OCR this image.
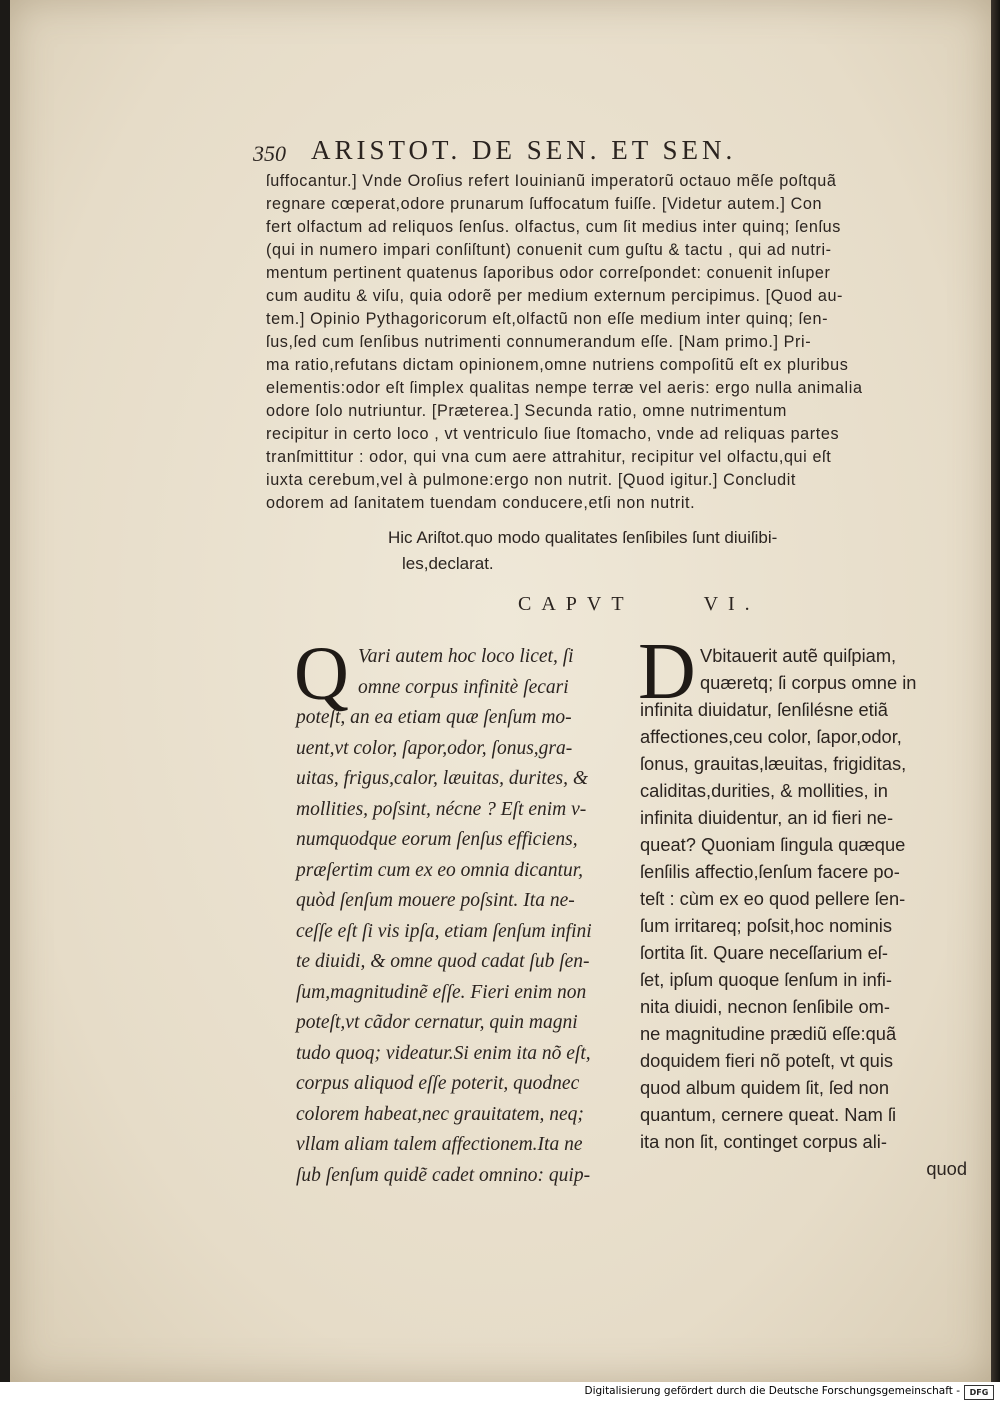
350 ARISTOT. DE SEN. ET SEN.
ſuffocantur.] Vnde Oroſius refert Iouinianũ imperatorũ octauo mẽſe poſtquã
regnare cœperat,odore prunarum ſuffocatum fuiſſe. [Videtur autem.] Con
fert olfactum ad reliquos ſenſus. olfactus, cum ſit medius inter quinq; ſenſus
(qui in numero impari conſiſtunt) conuenit cum guſtu & tactu , qui ad nutri-
mentum pertinent quatenus ſaporibus odor correſpondet: conuenit inſuper
cum auditu & viſu, quia odorẽ per medium externum percipimus. [Quod au-
tem.] Opinio Pythagoricorum eſt,olfactũ non eſſe medium inter quinq; ſen-
ſus,ſed cum ſenſibus nutrimenti connumerandum eſſe. [Nam primo.] Pri-
ma ratio,refutans dictam opinionem,omne nutriens compoſitũ eſt ex pluribus
elementis:odor eſt ſimplex qualitas nempe terræ vel aeris: ergo nulla animalia
odore ſolo nutriuntur. [Præterea.] Secunda ratio, omne nutrimentum
recipitur in certo loco , vt ventriculo ſiue ſtomacho, vnde ad reliquas partes
tranſmittitur : odor, qui vna cum aere attrahitur, recipitur vel olfactu,qui eſt
iuxta cerebum,vel à pulmone:ergo non nutrit. [Quod igitur.] Concludit
odorem ad ſanitatem tuendam conducere,etſi non nutrit.
Hic Ariſtot.quo modo qualitates ſenſibiles ſunt diuiſibi-
les,declarat.
CAPVT	VI.
Q Vari autem hoc loco licet, ſi
omne corpus infinitè ſecari
poteſt, an ea etiam quæ ſenſum mo-
uent,vt color, ſapor,odor, ſonus,gra-
uitas, frigus,calor, læuitas, durites, &
mollities, poſsint, nécne ? Eſt enim v-
numquodque eorum ſenſus efficiens,
præſertim cum ex eo omnia dicantur,
quòd ſenſum mouere poſsint. Ita ne-
ceſſe eſt ſi vis ipſa, etiam ſenſum infini
te diuidi, & omne quod cadat ſub ſen-
ſum,magnitudinẽ eſſe. Fieri enim non
poteſt,vt cãdor cernatur, quin magni
tudo quoq; videatur.Si enim ita nõ eſt,
corpus aliquod eſſe poterit, quodnec
colorem habeat,nec grauitatem, neq;
vllam aliam talem affectionem.Ita ne
ſub ſenſum quidẽ cadet omnino: quip-
D Vbitauerit autẽ quiſpiam,
quæretq; ſi corpus omne in
infinita diuidatur, ſenſilésne etiã
affectiones,ceu color, ſapor,odor,
ſonus, grauitas,læuitas, frigiditas,
caliditas,durities, & mollities, in
infinita diuidentur, an id fieri ne-
queat? Quoniam ſingula quæque
ſenſilis affectio,ſenſum facere po-
teſt : cùm ex eo quod pellere ſen-
ſum irritareq; poſsit,hoc nominis
ſortita ſit. Quare neceſſarium eſ-
ſet, ipſum quoque ſenſum in infi-
nita diuidi, necnon ſenſibile om-
ne magnitudine prædiũ eſſe:quã
doquidem fieri nõ poteſt, vt quis
quod album quidem ſit, ſed non
quantum, cernere queat. Nam ſi
ita non ſit, continget corpus ali-
quod
Digitalisierung gefördert durch die Deutsche Forschungsgemeinschaft -	DFG
